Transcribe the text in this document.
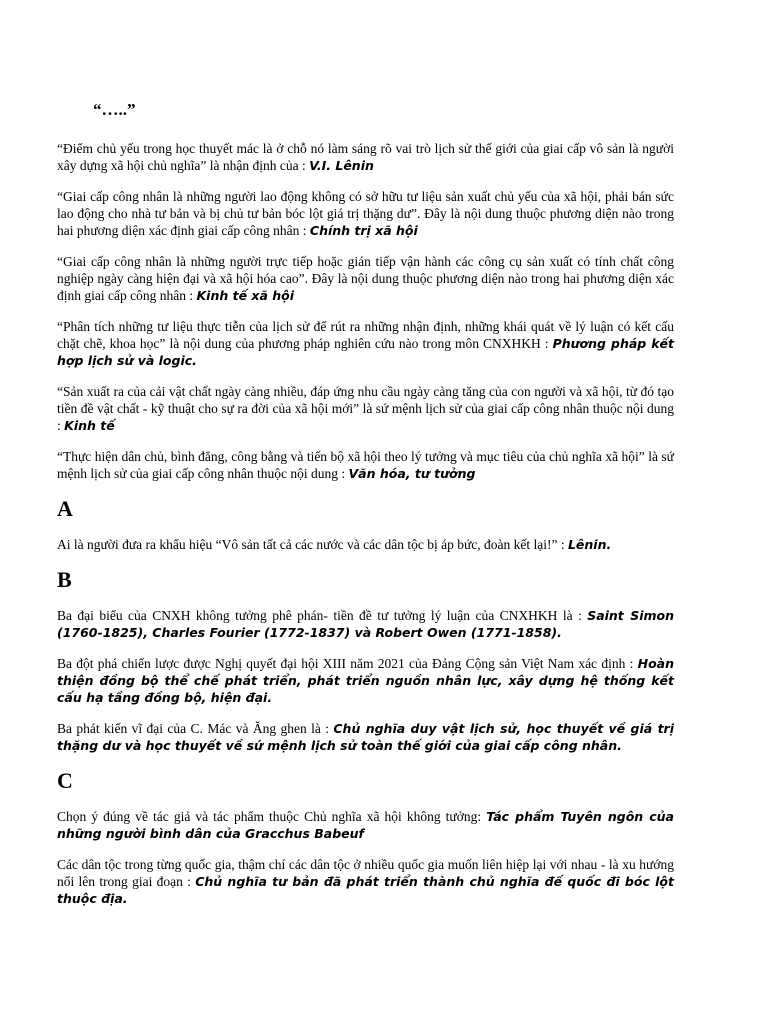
“…..”

“Điểm chủ yếu trong học thuyết mác là ở chỗ nó làm sáng rõ vai trò lịch sử thế giới của giai cấp vô sản là người xây dựng xã hội chủ nghĩa” là nhận định của : V.I. Lênin

“Giai cấp công nhân là những người lao động không có sở hữu tư liệu sản xuất chủ yếu của xã hội, phải bán sức lao động cho nhà tư bản và bị chủ tư bản bóc lột giá trị thặng dư”. Đây là nội dung thuộc phương diện nào trong hai phương diện xác định giai cấp công nhân : Chính trị xã hội

“Giai cấp công nhân là những người trực tiếp hoặc gián tiếp vận hành các công cụ sản xuất có tính chất công nghiệp ngày càng hiện đại và xã hội hóa cao”. Đây là nội dung thuộc phương diện nào trong hai phương diện xác định giai cấp công nhân : Kinh tế xã hội

“Phân tích những tư liệu thực tiễn của lịch sử để rút ra những nhận định, những khái quát về lý luận có kết cấu chặt chẽ, khoa học” là nội dung của phương pháp nghiên cứu nào trong môn CNXHKH : Phương pháp kết hợp lịch sử và logic.

“Sản xuất ra của cải vật chất ngày càng nhiều, đáp ứng nhu cầu ngày càng tăng của con người và xã hội, từ đó tạo tiền đề vật chất - kỹ thuật cho sự ra đời của xã hội mới” là sứ mệnh lịch sử của giai cấp công nhân thuộc nội dung : Kinh tế

“Thực hiện dân chủ, bình đẳng, công bằng và tiến bộ xã hội theo lý tưởng và mục tiêu của chủ nghĩa xã hội” là sứ mệnh lịch sử của giai cấp công nhân thuộc nội dung : Văn hóa, tư tưởng

A

Ai là người đưa ra khẩu hiệu “Vô sản tất cả các nước và các dân tộc bị áp bức, đoàn kết lại!” : Lênin.

B

Ba đại biểu của CNXH không tưởng phê phán- tiền đề tư tưởng lý luận của CNXHKH là : Saint Simon (1760-1825), Charles Fourier (1772-1837) và Robert Owen (1771-1858).

Ba đột phá chiến lược được Nghị quyết đại hội XIII năm 2021 của Đảng Cộng sản Việt Nam xác định : Hoàn thiện đồng bộ thể chế phát triển, phát triển nguồn nhân lực, xây dựng hệ thống kết cấu hạ tầng đồng bộ, hiện đại.

Ba phát kiến vĩ đại của C. Mác và Ăng ghen là : Chủ nghĩa duy vật lịch sử, học thuyết về giá trị thặng dư và học thuyết về sứ mệnh lịch sử toàn thế giới của giai cấp công nhân.

C

Chọn ý đúng về tác giả và tác phẩm thuộc Chủ nghĩa xã hội không tưởng: Tác phẩm Tuyên ngôn của những người bình dân của Gracchus Babeuf

Các dân tộc trong từng quốc gia, thậm chí các dân tộc ở nhiều quốc gia muốn liên hiệp lại với nhau - là xu hướng nổi lên trong giai đoạn : Chủ nghĩa tư bản đã phát triển thành chủ nghĩa đế quốc đi bóc lột thuộc địa.
